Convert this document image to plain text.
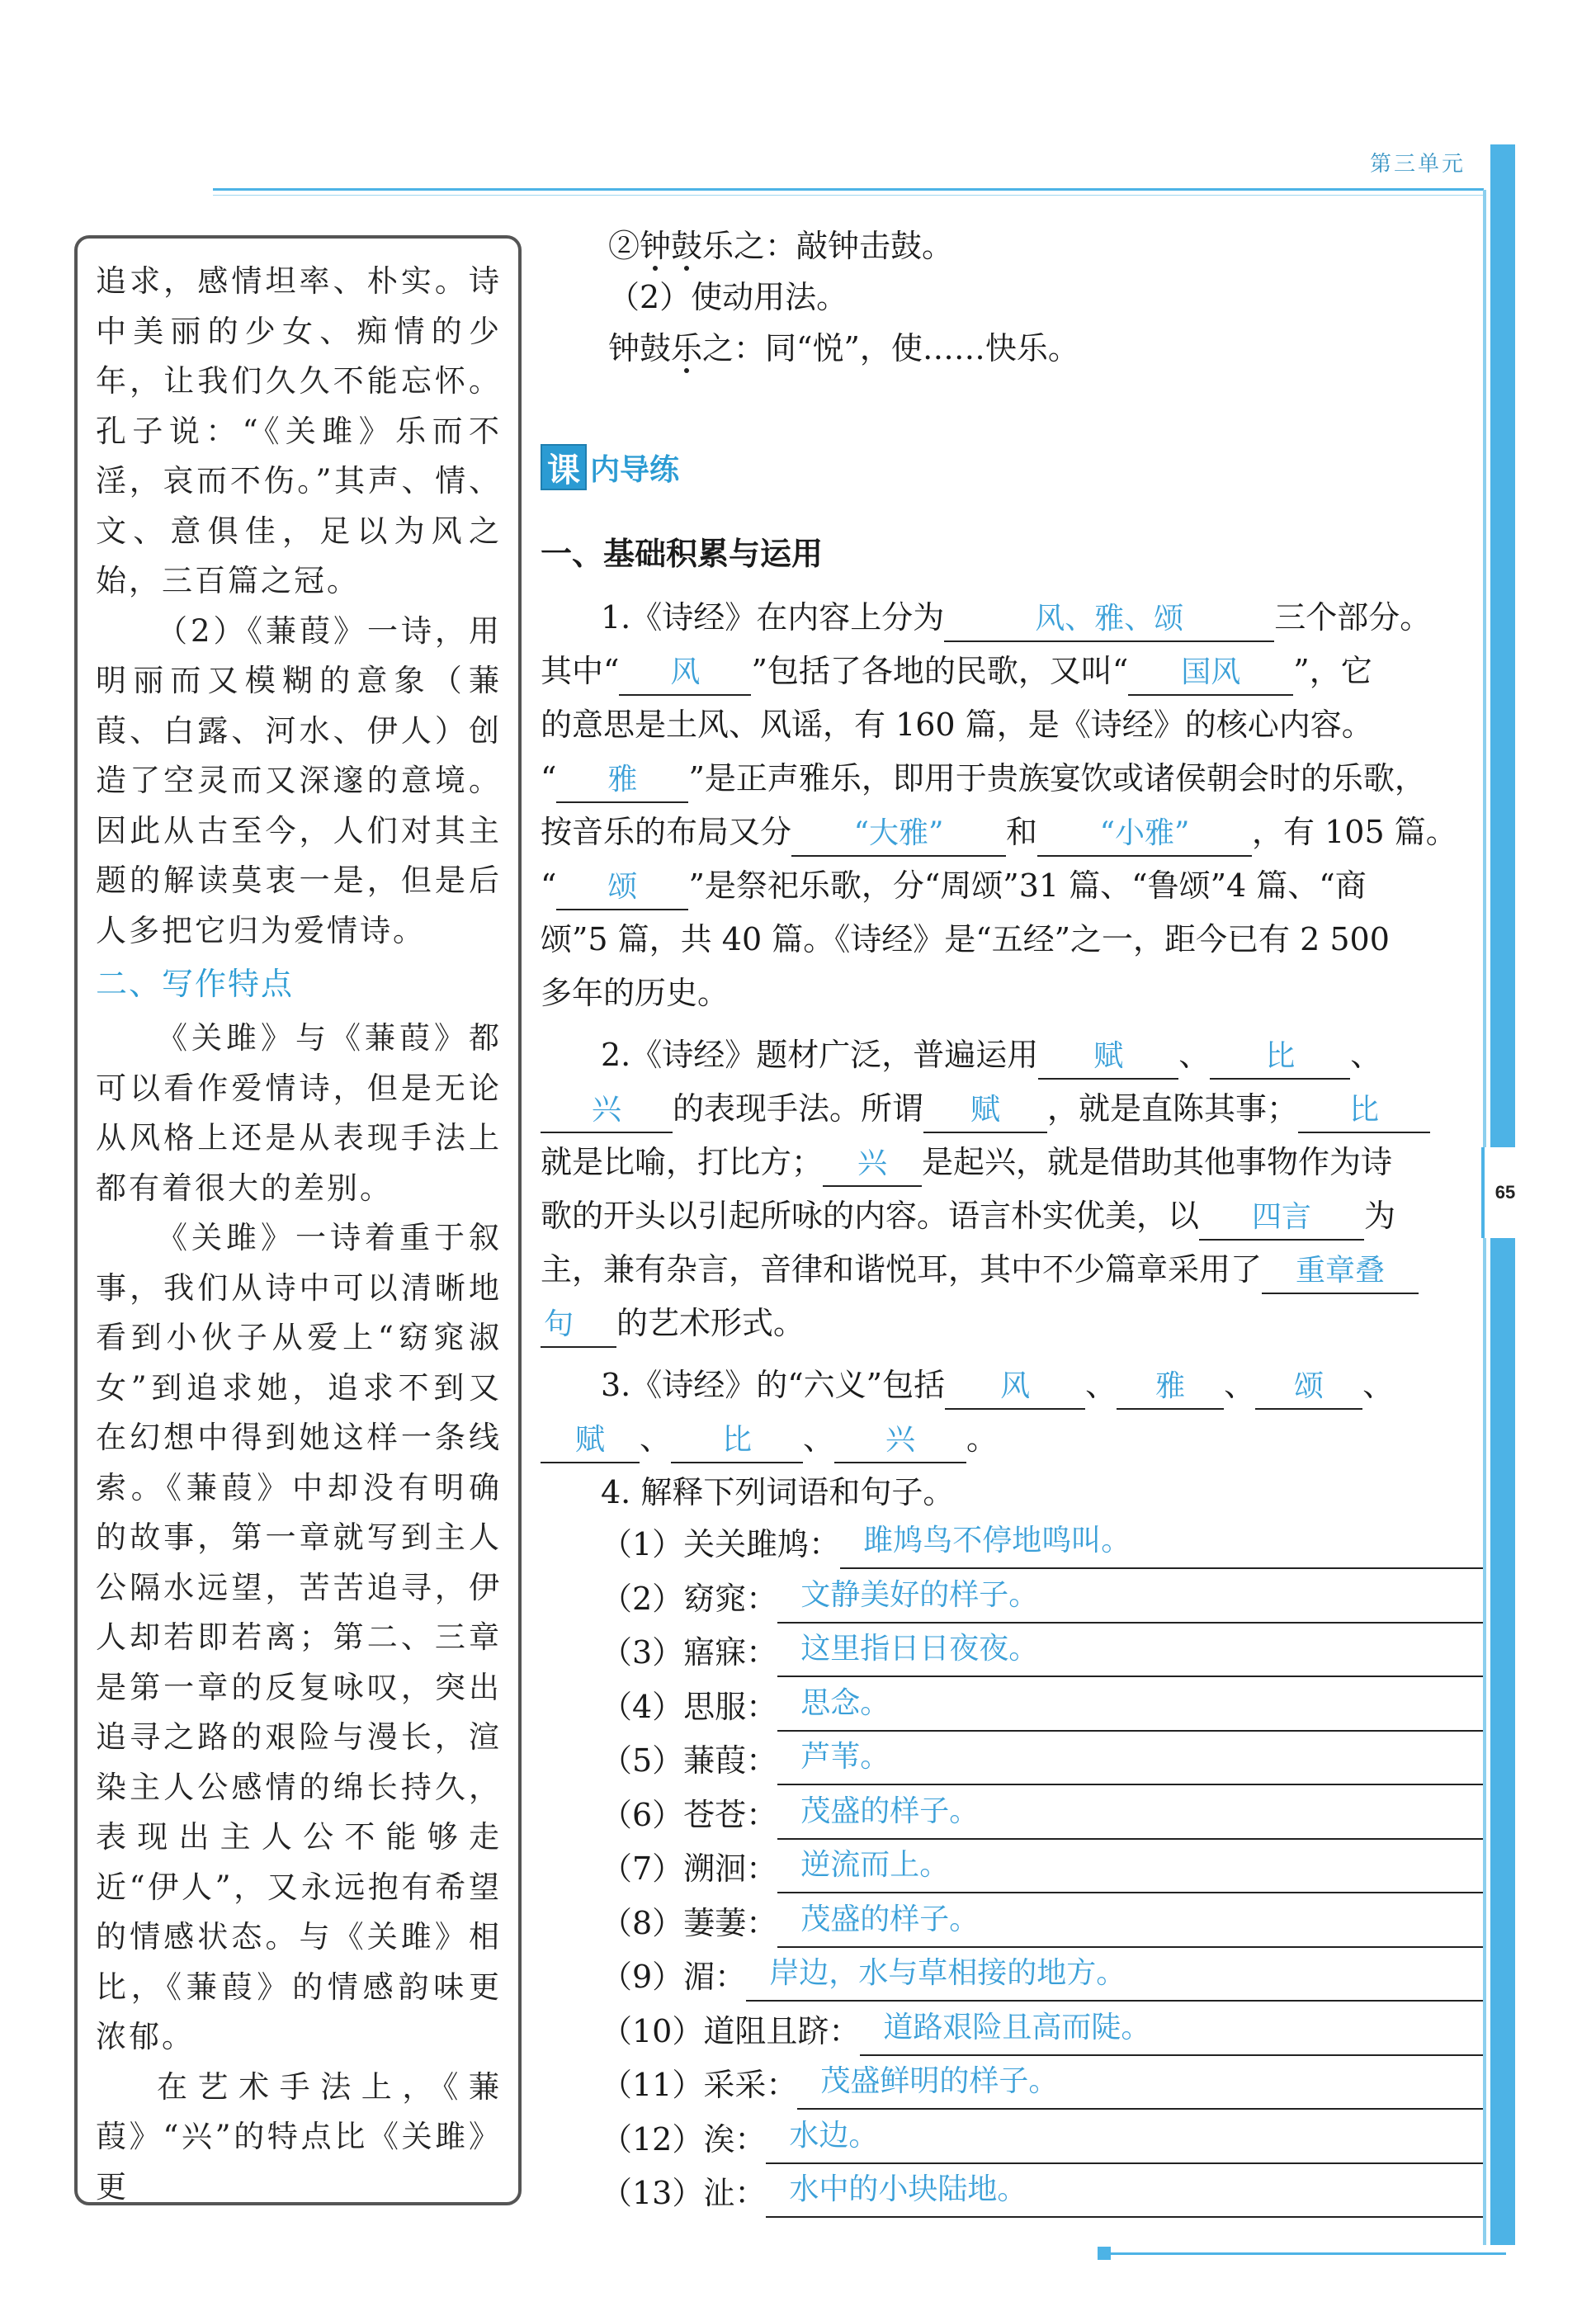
第三单元
65

追求，感情坦率、朴实。诗中美丽的少女、痴情的少年，让我们久久不能忘怀。孔子说：“《关雎》乐而不淫，哀而不伤。”其声、情、文、意俱佳，足以为风之始，三百篇之冠。

（2）《蒹葭》一诗，用明丽而又模糊的意象（蒹葭、白露、河水、伊人）创造了空灵而又深邃的意境。因此从古至今，人们对其主题的解读莫衷一是，但是后人多把它归为爱情诗。

二、写作特点

《关雎》与《蒹葭》都可以看作爱情诗，但是无论从风格上还是从表现手法上都有着很大的差别。

《关雎》一诗着重于叙事，我们从诗中可以清晰地看到小伙子从爱上“窈窕淑女”到追求她，追求不到又在幻想中得到她这样一条线索。《蒹葭》中却没有明确的故事，第一章就写到主人公隔水远望，苦苦追寻，伊人却若即若离；第二、三章是第一章的反复咏叹，突出追寻之路的艰险与漫长，渲染主人公感情的绵长持久，表现出主人公不能够走近“伊人”，又永远抱有希望的情感状态。与《关雎》相比，《蒹葭》的情感韵味更浓郁。

在艺术手法上，《蒹葭》“兴”的特点比《关雎》更

②钟鼓乐之：敲钟击鼓。
（2）使动用法。
钟鼓乐之：同“悦”，使……快乐。
课 内导练
一、基础积累与运用
1.《诗经》在内容上分为	风、雅、颂	三个部分。
其中“ 风 ”包括了各地的民歌，又叫“ 国风 ”，它
的意思是土风、风谣，有 160 篇，是《诗经》的核心内容。
“ 雅 ”是正声雅乐，即用于贵族宴饮或诸侯朝会时的乐歌，
按音乐的布局又分 “大雅” 和 “小雅” ，有 105 篇。
“ 颂 ”是祭祀乐歌，分“周颂”31 篇、“鲁颂”4 篇、“商
颂”5 篇，共 40 篇。《诗经》是“五经”之一，距今已有 2 500
多年的历史。
2.《诗经》题材广泛，普遍运用 赋 、 比 、
兴 的表现手法。所谓 赋 ，就是直陈其事； 比
就是比喻，打比方； 兴 是起兴，就是借助其他事物作为诗
歌的开头以引起所咏的内容。语言朴实优美，以 四言 为
主，兼有杂言，音律和谐悦耳，其中不少篇章采用了 重章叠
句 的艺术形式。
3.《诗经》的“六义”包括 风 、 雅 、 颂 、
赋 、 比 、 兴 。
4. 解释下列词语和句子。
（1）关关雎鸠： 雎鸠鸟不停地鸣叫。
（2）窈窕： 文静美好的样子。
（3）寤寐： 这里指日日夜夜。
（4）思服： 思念。
（5）蒹葭： 芦苇。
（6）苍苍： 茂盛的样子。
（7）溯洄： 逆流而上。
（8）萋萋： 茂盛的样子。
（9）湄： 岸边，水与草相接的地方。
（10）道阻且跻： 道路艰险且高而陡。
（11）采采： 茂盛鲜明的样子。
（12）涘： 水边。
（13）沚： 水中的小块陆地。
